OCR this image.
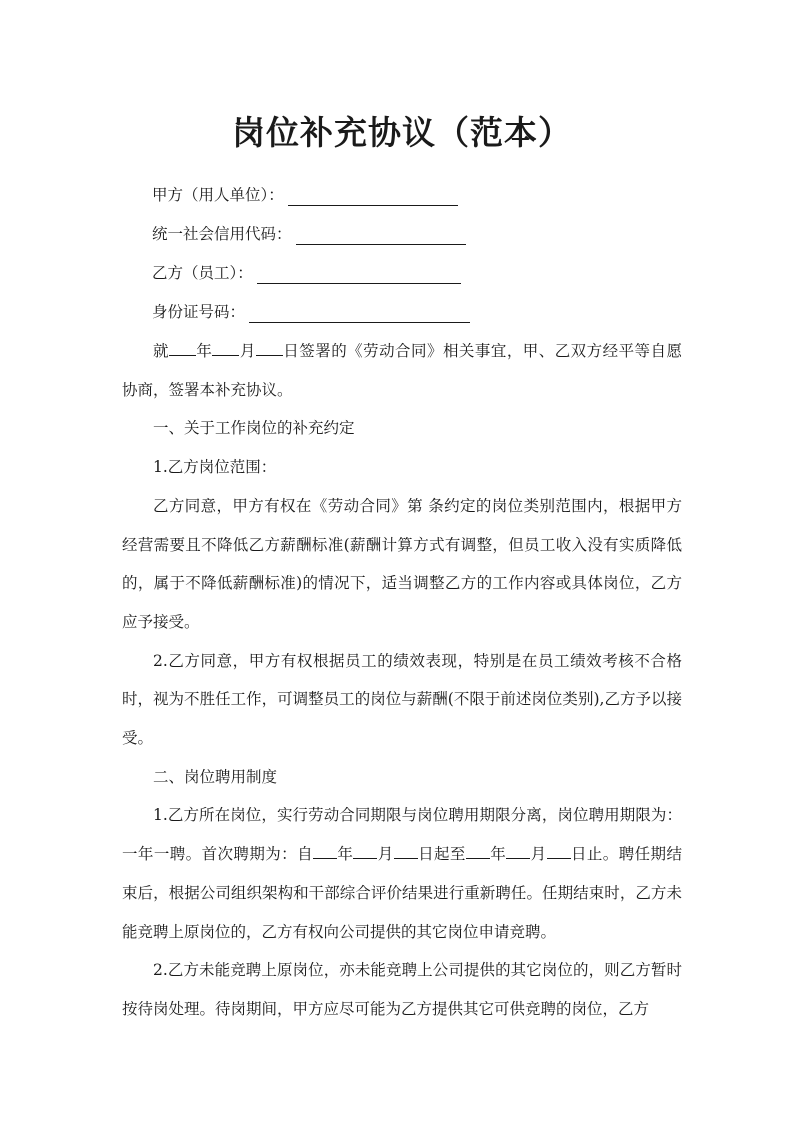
岗位补充协议（范本）
甲方（用人单位）：
统一社会信用代码：
乙方（员工）：
身份证号码：

就 年 月 日签署的《劳动合同》相关事宜，甲、乙双方经平等自愿协商，签署本补充协议。

一、关于工作岗位的补充约定

1.乙方岗位范围：

乙方同意，甲方有权在《劳动合同》第 条约定的岗位类别范围内，根据甲方经营需要且不降低乙方薪酬标准(薪酬计算方式有调整，但员工收入没有实质降低的，属于不降低薪酬标准)的情况下，适当调整乙方的工作内容或具体岗位，乙方应予接受。

2.乙方同意，甲方有权根据员工的绩效表现，特别是在员工绩效考核不合格时，视为不胜任工作，可调整员工的岗位与薪酬(不限于前述岗位类别),乙方予以接受。

二、岗位聘用制度

1.乙方所在岗位，实行劳动合同期限与岗位聘用期限分离，岗位聘用期限为：一年一聘。首次聘期为：自 年 月 日起至 年 月 日止。聘任期结束后，根据公司组织架构和干部综合评价结果进行重新聘任。任期结束时，乙方未能竞聘上原岗位的，乙方有权向公司提供的其它岗位申请竞聘。

2.乙方未能竞聘上原岗位，亦未能竞聘上公司提供的其它岗位的，则乙方暂时按待岗处理。待岗期间，甲方应尽可能为乙方提供其它可供竞聘的岗位，乙方
